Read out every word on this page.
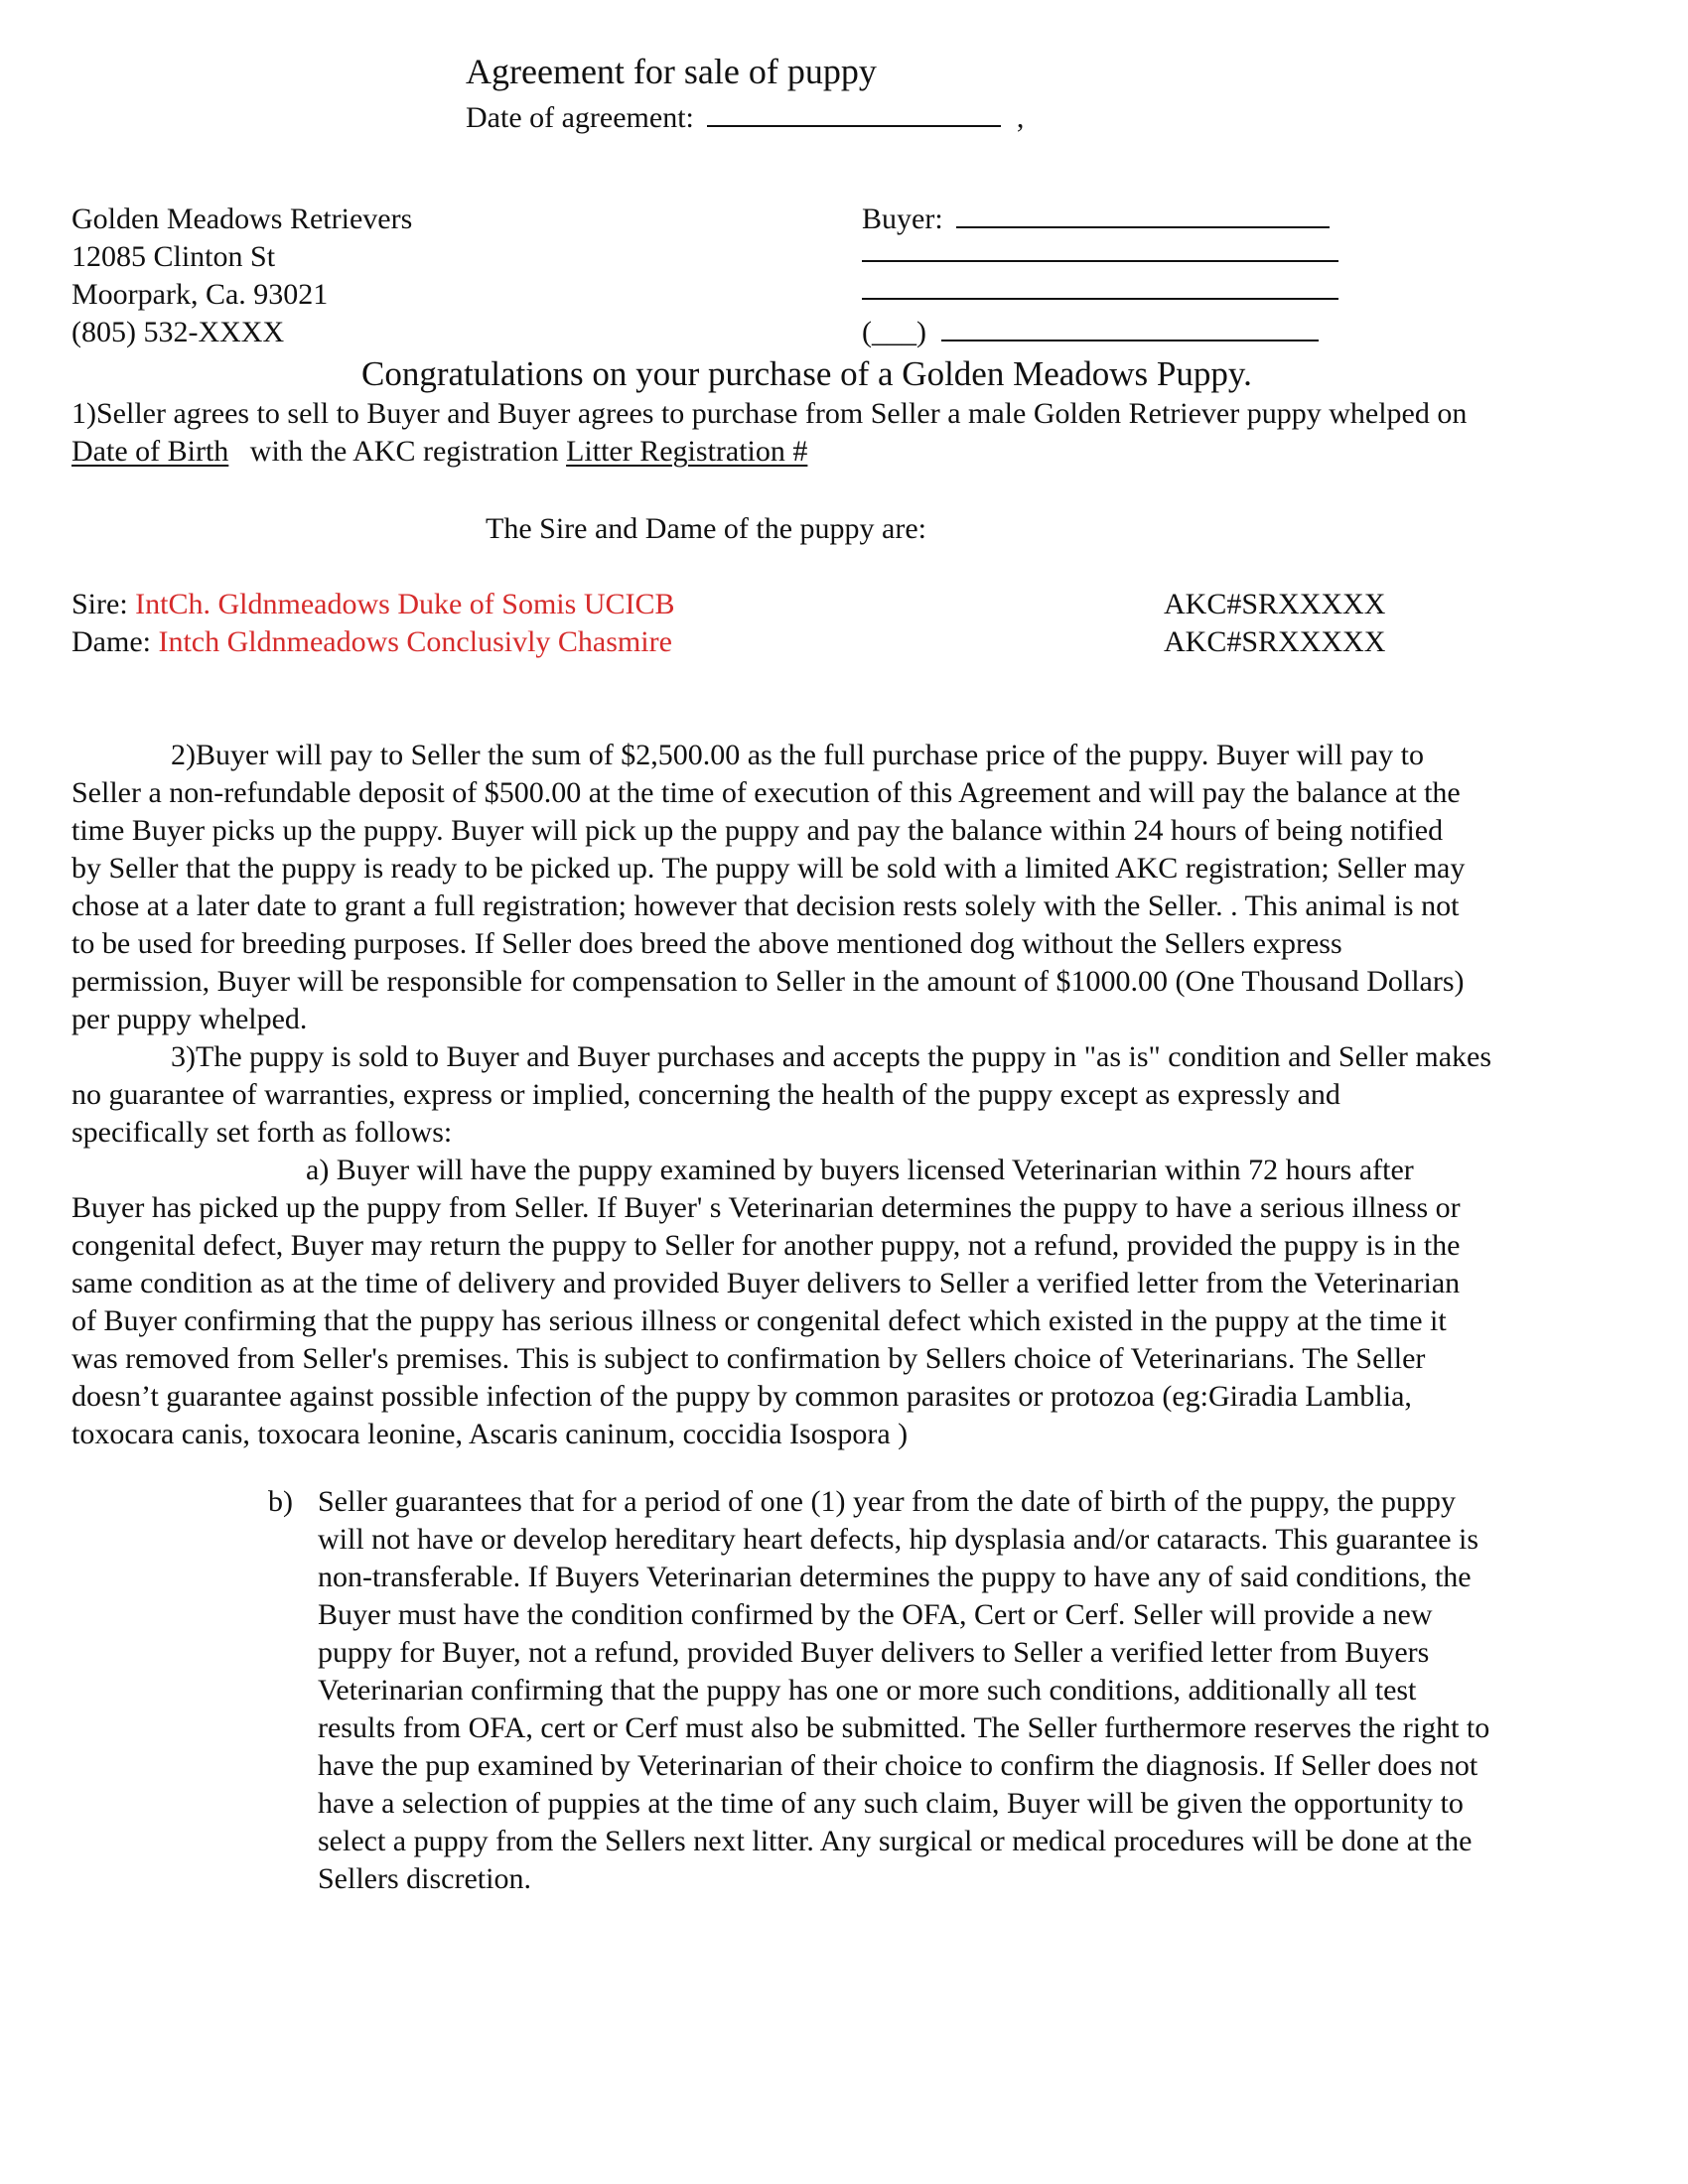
Agreement for sale of puppy
Date of agreement:	,
Golden Meadows Retrievers
12085 Clinton St
Moorpark, Ca. 93021
(805) 532-XXXX
Buyer:
(___)
Congratulations on your purchase of a Golden Meadows Puppy.
1)Seller agrees to sell to Buyer and Buyer agrees to purchase from Seller a male Golden Retriever puppy whelped on
Date of Birth with the AKC registration Litter Registration #
The Sire and Dame of the puppy are:
Sire: IntCh. Gldnmeadows Duke of Somis UCICB	AKC#SRXXXXX
Dame: Intch Gldnmeadows Conclusivly Chasmire	AKC#SRXXXXX
2)Buyer will pay to Seller the sum of $2,500.00 as the full purchase price of the puppy. Buyer will pay to
Seller a non-refundable deposit of $500.00 at the time of execution of this Agreement and will pay the balance at the
time Buyer picks up the puppy. Buyer will pick up the puppy and pay the balance within 24 hours of being notified
by Seller that the puppy is ready to be picked up. The puppy will be sold with a limited AKC registration; Seller may
chose at a later date to grant a full registration; however that decision rests solely with the Seller. . This animal is not
to be used for breeding purposes. If Seller does breed the above mentioned dog without the Sellers express
permission, Buyer will be responsible for compensation to Seller in the amount of $1000.00 (One Thousand Dollars)
per puppy whelped.
3)The puppy is sold to Buyer and Buyer purchases and accepts the puppy in "as is" condition and Seller makes
no guarantee of warranties, express or implied, concerning the health of the puppy except as expressly and
specifically set forth as follows:
a) Buyer will have the puppy examined by buyers licensed Veterinarian within 72 hours after
Buyer has picked up the puppy from Seller. If Buyer' s Veterinarian determines the puppy to have a serious illness or
congenital defect, Buyer may return the puppy to Seller for another puppy, not a refund, provided the puppy is in the
same condition as at the time of delivery and provided Buyer delivers to Seller a verified letter from the Veterinarian
of Buyer confirming that the puppy has serious illness or congenital defect which existed in the puppy at the time it
was removed from Seller's premises. This is subject to confirmation by Sellers choice of Veterinarians. The Seller
doesn’t guarantee against possible infection of the puppy by common parasites or protozoa (eg:Giradia Lamblia,
toxocara canis, toxocara leonine, Ascaris caninum, coccidia Isospora )
b) Seller guarantees that for a period of one (1) year from the date of birth of the puppy, the puppy
will not have or develop hereditary heart defects, hip dysplasia and/or cataracts. This guarantee is
non-transferable. If Buyers Veterinarian determines the puppy to have any of said conditions, the
Buyer must have the condition confirmed by the OFA, Cert or Cerf. Seller will provide a new
puppy for Buyer, not a refund, provided Buyer delivers to Seller a verified letter from Buyers
Veterinarian confirming that the puppy has one or more such conditions, additionally all test
results from OFA, cert or Cerf must also be submitted. The Seller furthermore reserves the right to
have the pup examined by Veterinarian of their choice to confirm the diagnosis. If Seller does not
have a selection of puppies at the time of any such claim, Buyer will be given the opportunity to
select a puppy from the Sellers next litter. Any surgical or medical procedures will be done at the
Sellers discretion.
